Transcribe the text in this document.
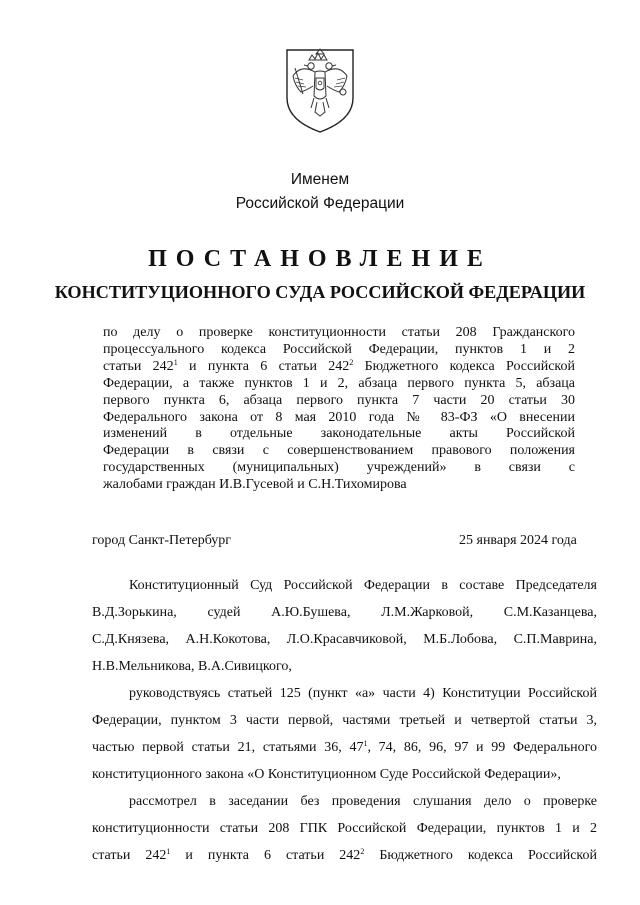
Именем
Российской Федерации
ПОСТАНОВЛЕНИЕ
КОНСТИТУЦИОННОГО СУДА РОССИЙСКОЙ ФЕДЕРАЦИИ
по делу о проверке конституционности статьи 208 Гражданского
процессуального кодекса Российской Федерации, пунктов 1 и 2
статьи $242^1$ и пункта 6 статьи $242^2$ Бюджетного кодекса Российской
Федерации, а также пунктов 1 и 2, абзаца первого пункта 5, абзаца
первого пункта 6, абзаца первого пункта 7 части 20 статьи 30
Федерального закона от 8 мая 2010 года № 83-ФЗ «О внесении
изменений в отдельные законодательные акты Российской
Федерации в связи с совершенствованием правового положения
государственных (муниципальных) учреждений» в связи с
жалобами граждан И.В.Гусевой и С.Н.Тихомирова
город Санкт-Петербург	25 января 2024 года
Конституционный Суд Российской Федерации в составе Председателя
В.Д.Зорькина, судей А.Ю.Бушева, Л.М.Жарковой, С.М.Казанцева,
С.Д.Князева, А.Н.Кокотова, Л.О.Красавчиковой, М.Б.Лобова, С.П.Маврина,
Н.В.Мельникова, В.А.Сивицкого,
руководствуясь статьей 125 (пункт «а» части 4) Конституции Российской
Федерации, пунктом 3 части первой, частями третьей и четвертой статьи 3,
частью первой статьи 21, статьями 36, $47^1$, 74, 86, 96, 97 и 99 Федерального
конституционного закона «О Конституционном Суде Российской Федерации»,
рассмотрел в заседании без проведения слушания дело о проверке
конституционности статьи 208 ГПК Российской Федерации, пунктов 1 и 2
статьи $242^1$ и пункта 6 статьи $242^2$ Бюджетного кодекса Российской
